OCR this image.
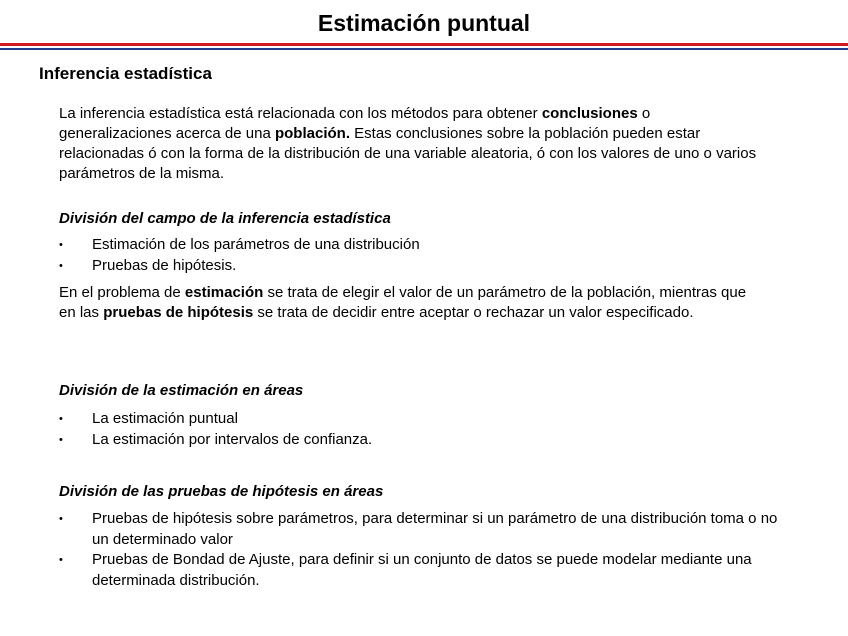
Estimación puntual
Inferencia estadística
La inferencia estadística está relacionada con los métodos para obtener conclusiones o generalizaciones acerca de una población. Estas conclusiones sobre la población pueden estar relacionadas ó con la forma de la distribución de una variable aleatoria, ó con los valores de uno o varios parámetros de la misma.
División del campo de la inferencia estadística
• Estimación de los parámetros de una distribución
• Pruebas de hipótesis.
En el problema de estimación se trata de elegir el valor de un parámetro de la población, mientras que en las pruebas de hipótesis se trata de decidir entre aceptar o rechazar un valor especificado.
División de la estimación en áreas
• La estimación puntual
• La estimación por intervalos de confianza.
División de las pruebas de hipótesis en áreas
• Pruebas de hipótesis sobre parámetros, para determinar si un parámetro de una distribución toma o no un determinado valor
• Pruebas de Bondad de Ajuste, para definir si un conjunto de datos se puede modelar mediante una determinada distribución.
